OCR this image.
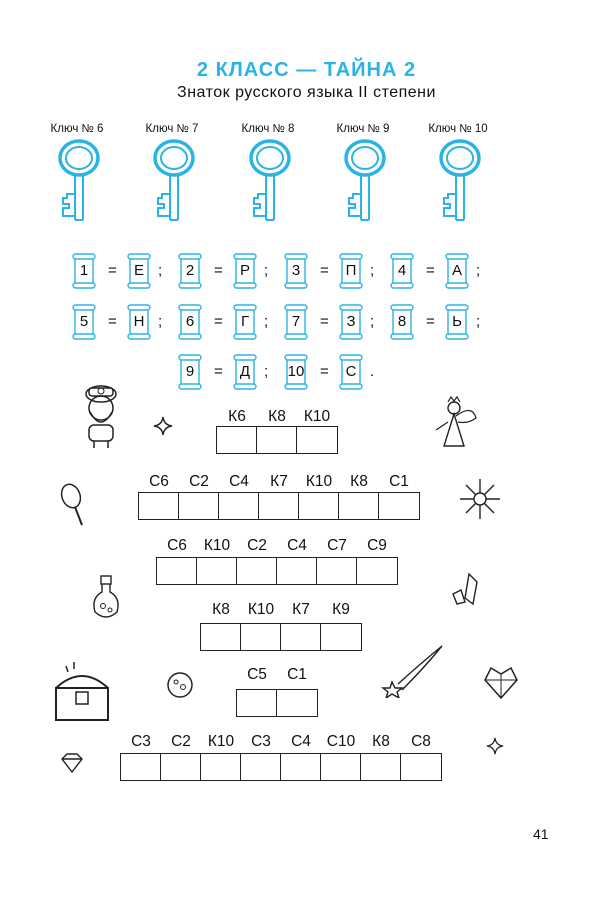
2 КЛАСС — ТАЙНА 2
Знаток русского языка II степени
Ключ № 6	Ключ № 7	Ключ № 8	Ключ № 9	Ключ № 10
1	=	Е ;	2	=	Р ;	3	=	П ;	4	=	А ;
5	=	Н ;	6	=	Г ;	7	=	З ;	8	=	Ь ;
9	=	Д ; 10 =	С .
К6	К8	К10
С6	С2	С4	К7	К10	К8	С1
С6	К10	С2	С4	С7	С9
К8	К10	К7	К9
С5	С1
С3	С2	К10	С3	С4	С10	К8	С8
41
